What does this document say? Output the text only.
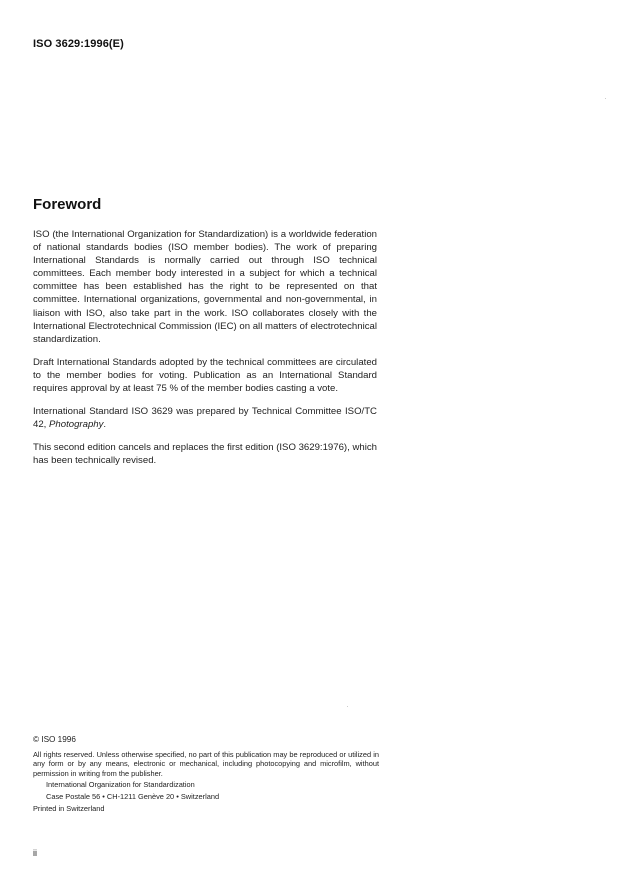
ISO 3629:1996(E)
Foreword

ISO (the International Organization for Standardization) is a worldwide federation of national standards bodies (ISO member bodies). The work of preparing International Standards is normally carried out through ISO technical committees. Each member body interested in a subject for which a technical committee has been established has the right to be represented on that committee. International organizations, governmental and non-governmental, in liaison with ISO, also take part in the work. ISO collaborates closely with the International Electrotechnical Commission (IEC) on all matters of electrotechnical standardization.

Draft International Standards adopted by the technical committees are circulated to the member bodies for voting. Publication as an International Standard requires approval by at least 75 % of the member bodies casting a vote.

International Standard ISO 3629 was prepared by Technical Committee ISO/TC 42, Photography.

This second edition cancels and replaces the first edition (ISO 3629:1976), which has been technically revised.

© ISO 1996
All rights reserved. Unless otherwise specified, no part of this publication may be reproduced or utilized in any form or by any means, electronic or mechanical, including photocopying and microfilm, without permission in writing from the publisher.
International Organization for Standardization
Case Postale 56 • CH-1211 Genève 20 • Switzerland
Printed in Switzerland
ii
